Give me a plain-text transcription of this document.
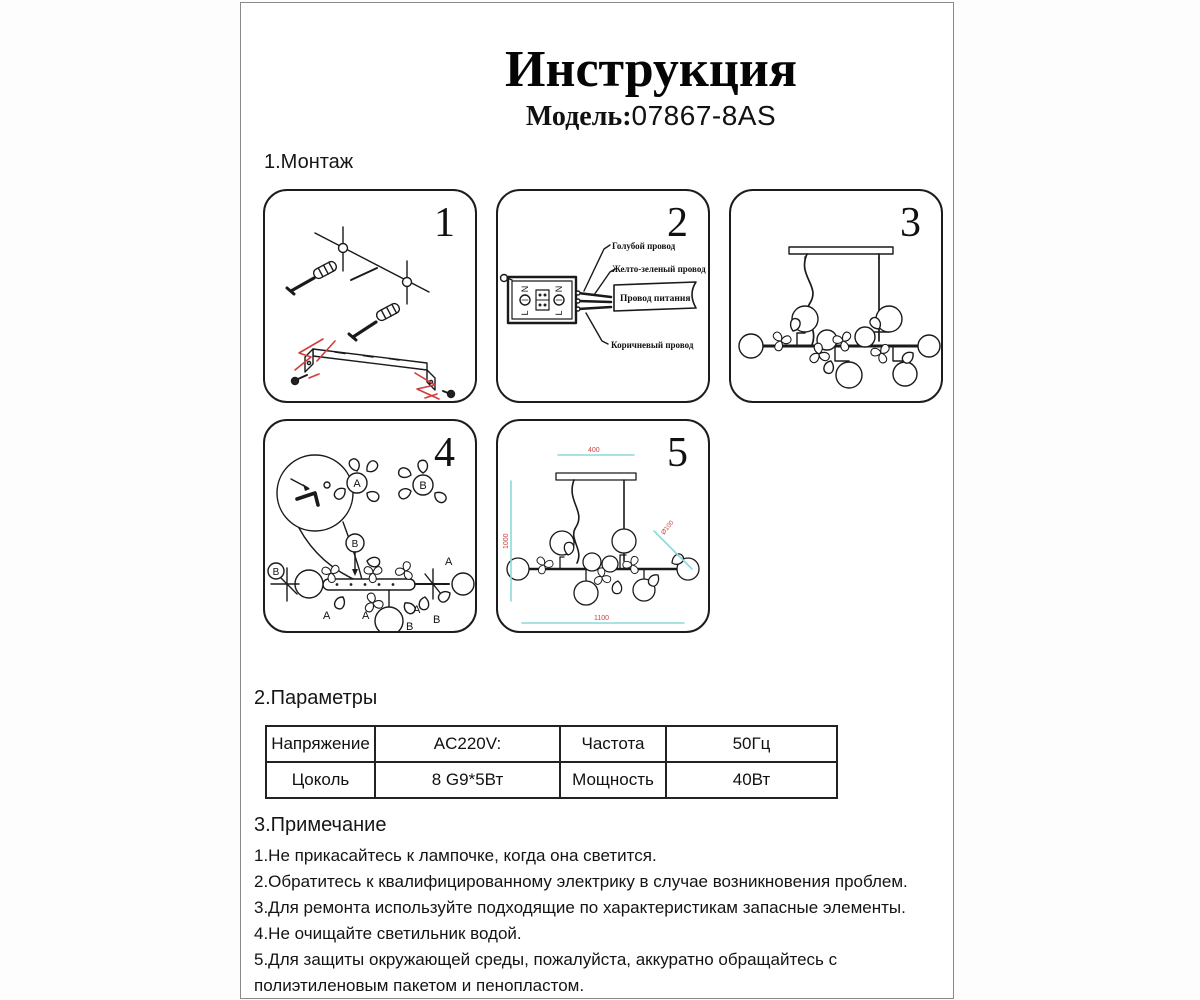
Инструкция
Модель:07867-8AS
1.Монтаж
1
N
L
N
L
Провод питания
Голубой провод
Желто-зеленый провод
Коричневый провод
2	3
A	B
B
B
A
A	A	A
B
B
4	400
1000
1100
Ø100
5
2.Параметры
Напряжение	AC220V:	Частота	50Гц
Цоколь	8 G9*5Вт	Мощность	40Вт
3.Примечание
1.Не прикасайтесь к лампочке, когда она светится.
2.Обратитесь к квалифицированному электрику в случае возникновения проблем.
3.Для ремонта используйте подходящие по характеристикам запасные элементы.
4.Не очищайте светильник водой.
5.Для защиты окружающей среды, пожалуйста, аккуратно обращайтесь с
полиэтиленовым пакетом и пенопластом.
